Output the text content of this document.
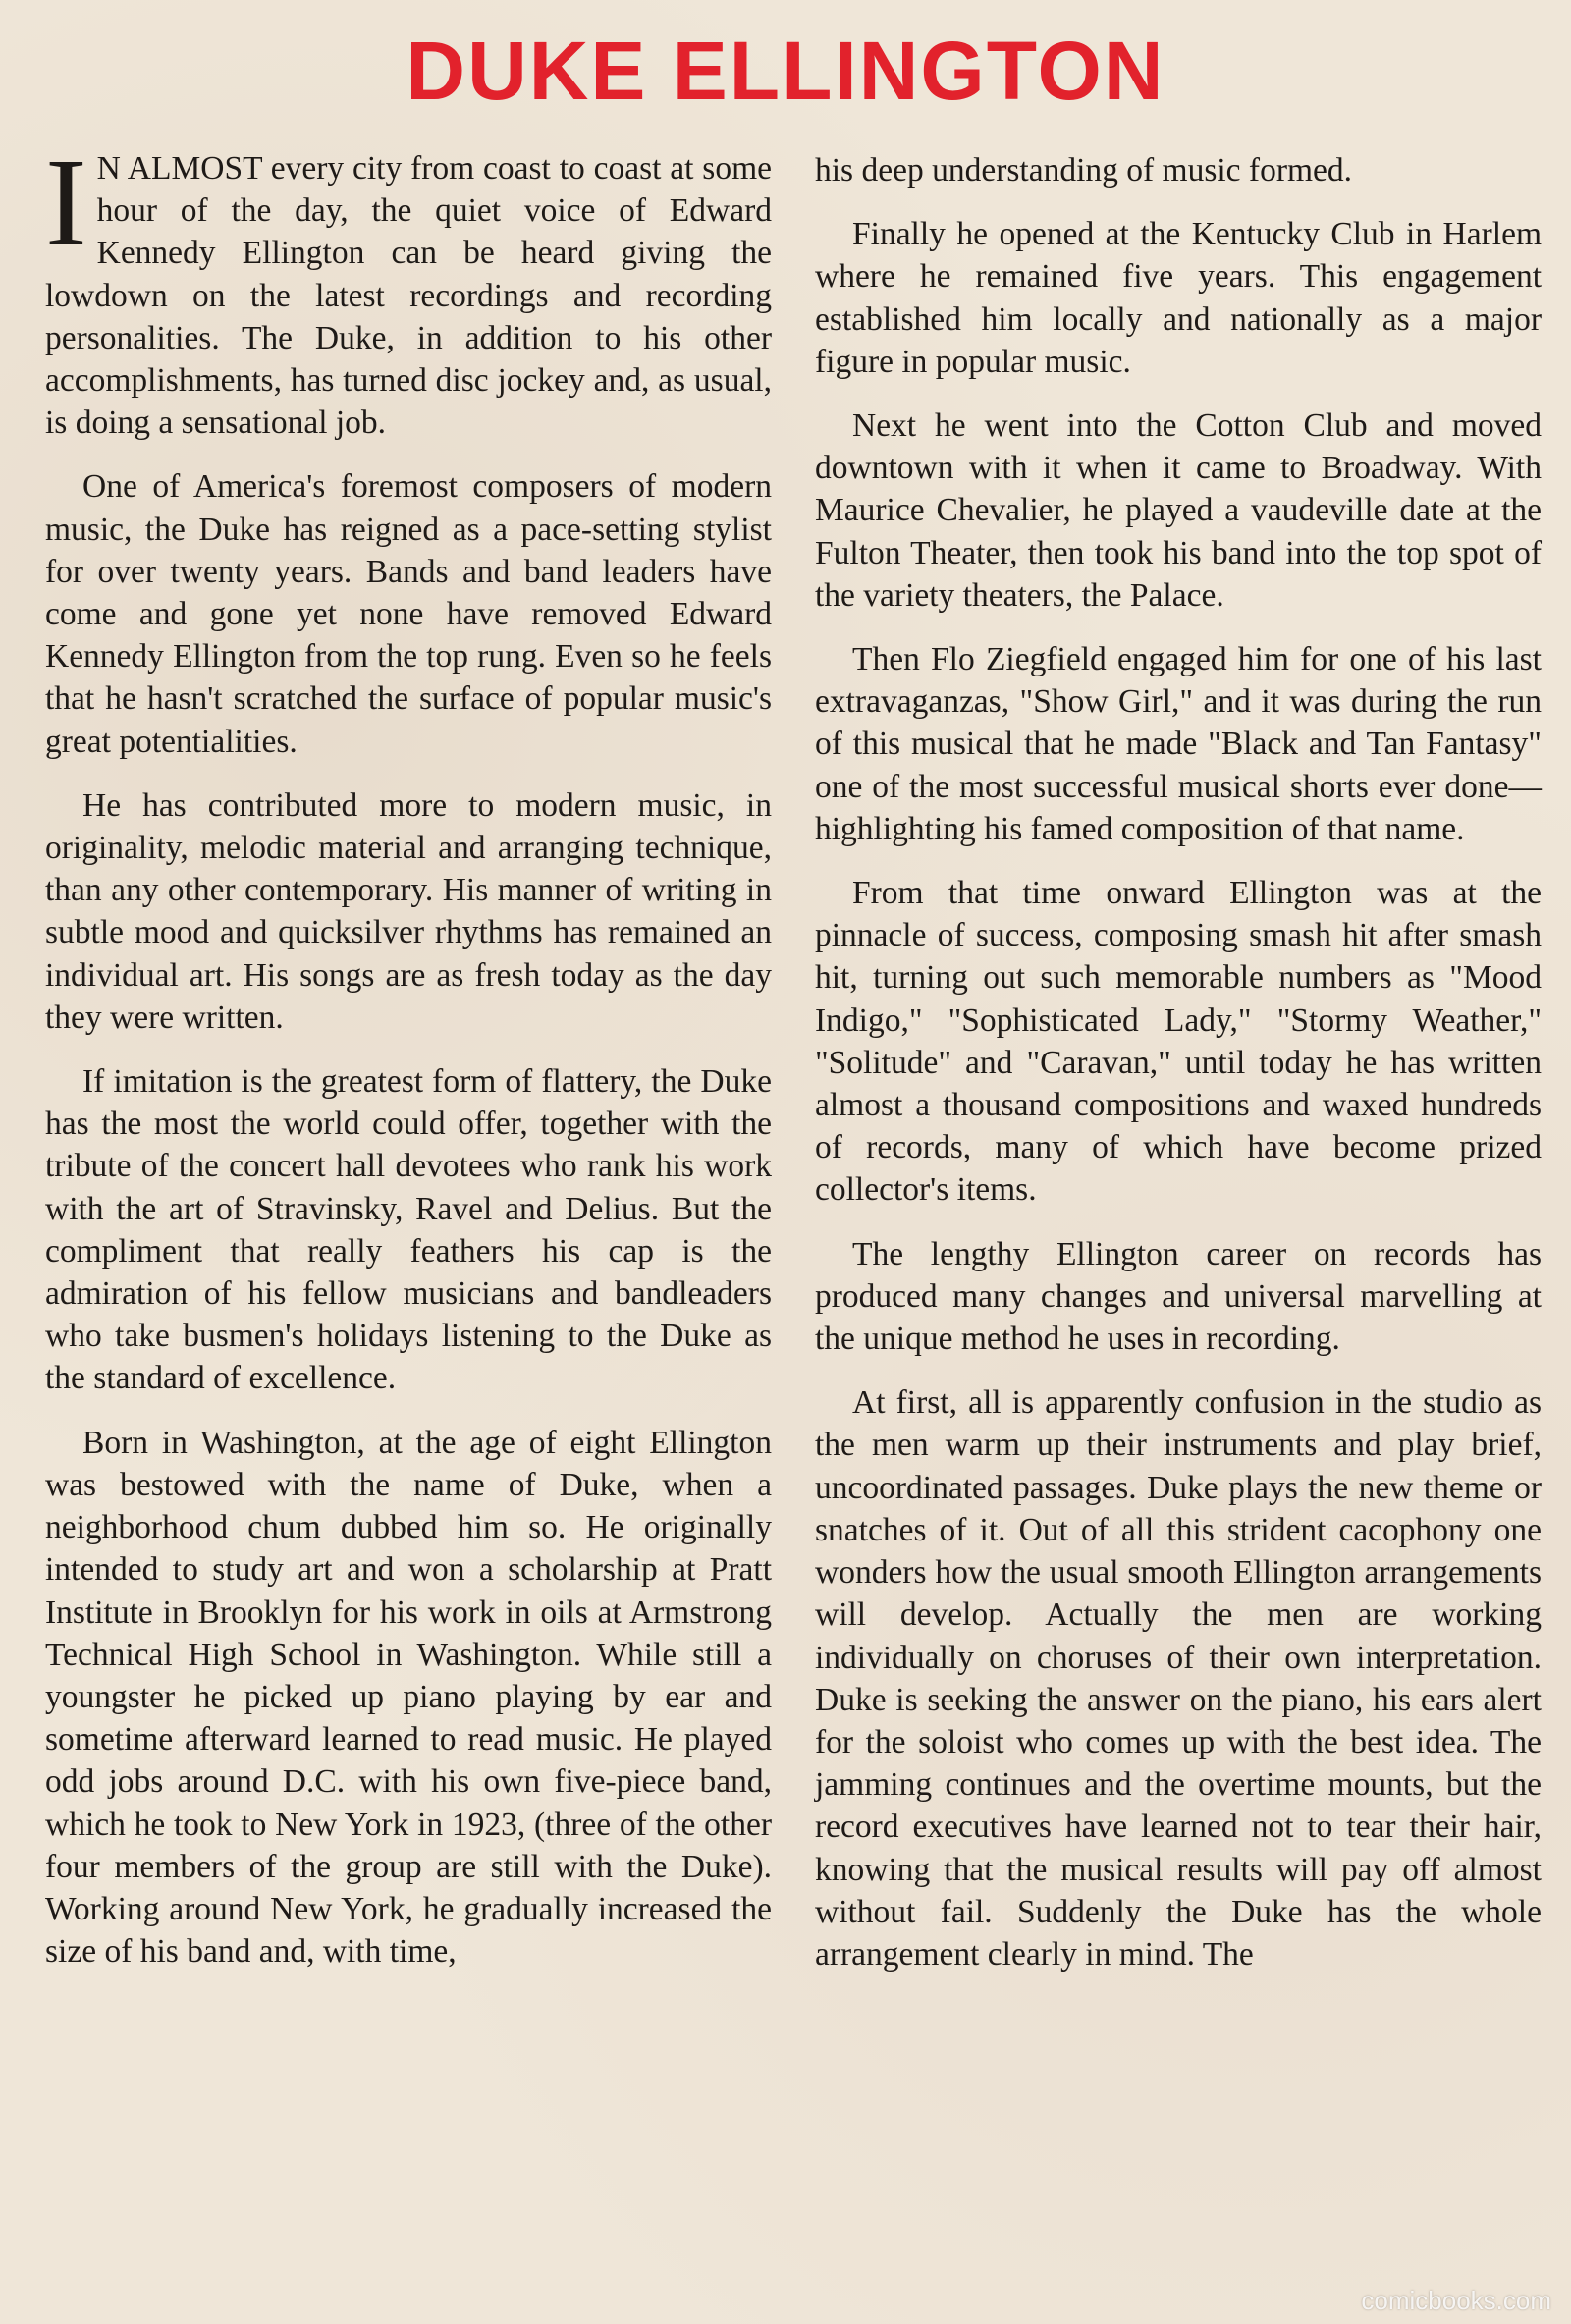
DUKE ELLINGTON

I N ALMOST every city from coast to coast at some hour of the day, the quiet voice of Edward Kennedy Ellington can be heard giving the lowdown on the latest recordings and recording personalities. The Duke, in addition to his other accomplishments, has turned disc jockey and, as usual, is doing a sensational job.

One of America's foremost composers of modern music, the Duke has reigned as a pace-setting stylist for over twenty years. Bands and band leaders have come and gone yet none have removed Edward Kennedy Ellington from the top rung. Even so he feels that he hasn't scratched the surface of popular music's great potentialities.

He has contributed more to modern music, in originality, melodic material and arranging technique, than any other contemporary. His manner of writing in subtle mood and quicksilver rhythms has remained an individual art. His songs are as fresh today as the day they were written.

If imitation is the greatest form of flattery, the Duke has the most the world could offer, together with the tribute of the concert hall devotees who rank his work with the art of Stravinsky, Ravel and Delius. But the compliment that really feathers his cap is the admiration of his fellow musicians and bandleaders who take busmen's holidays listening to the Duke as the standard of excellence.

Born in Washington, at the age of eight Ellington was bestowed with the name of Duke, when a neighborhood chum dubbed him so. He originally intended to study art and won a scholarship at Pratt Institute in Brooklyn for his work in oils at Armstrong Technical High School in Washington. While still a youngster he picked up piano playing by ear and sometime afterward learned to read music. He played odd jobs around D.C. with his own five-piece band, which he took to New York in 1923, (three of the other four members of the group are still with the Duke). Working around New York, he gradually increased the size of his band and, with time,

his deep understanding of music formed.

Finally he opened at the Kentucky Club in Harlem where he remained five years. This engagement established him locally and nationally as a major figure in popular music.

Next he went into the Cotton Club and moved downtown with it when it came to Broadway. With Maurice Chevalier, he played a vaudeville date at the Fulton Theater, then took his band into the top spot of the variety theaters, the Palace.

Then Flo Ziegfield engaged him for one of his last extravaganzas, "Show Girl," and it was during the run of this musical that he made "Black and Tan Fantasy" one of the most successful musical shorts ever done—highlighting his famed composition of that name.

From that time onward Ellington was at the pinnacle of success, composing smash hit after smash hit, turning out such memorable numbers as "Mood Indigo," "Sophisticated Lady," "Stormy Weather," "Solitude" and "Caravan," until today he has written almost a thousand compositions and waxed hundreds of records, many of which have become prized collector's items.

The lengthy Ellington career on records has produced many changes and universal marvelling at the unique method he uses in recording.

At first, all is apparently confusion in the studio as the men warm up their instruments and play brief, uncoordinated passages. Duke plays the new theme or snatches of it. Out of all this strident cacophony one wonders how the usual smooth Ellington arrangements will develop. Actually the men are working individually on choruses of their own interpretation. Duke is seeking the answer on the piano, his ears alert for the soloist who comes up with the best idea. The jamming continues and the overtime mounts, but the record executives have learned not to tear their hair, knowing that the musical results will pay off almost without fail. Suddenly the Duke has the whole arrangement clearly in mind. The

comicbooks.com
